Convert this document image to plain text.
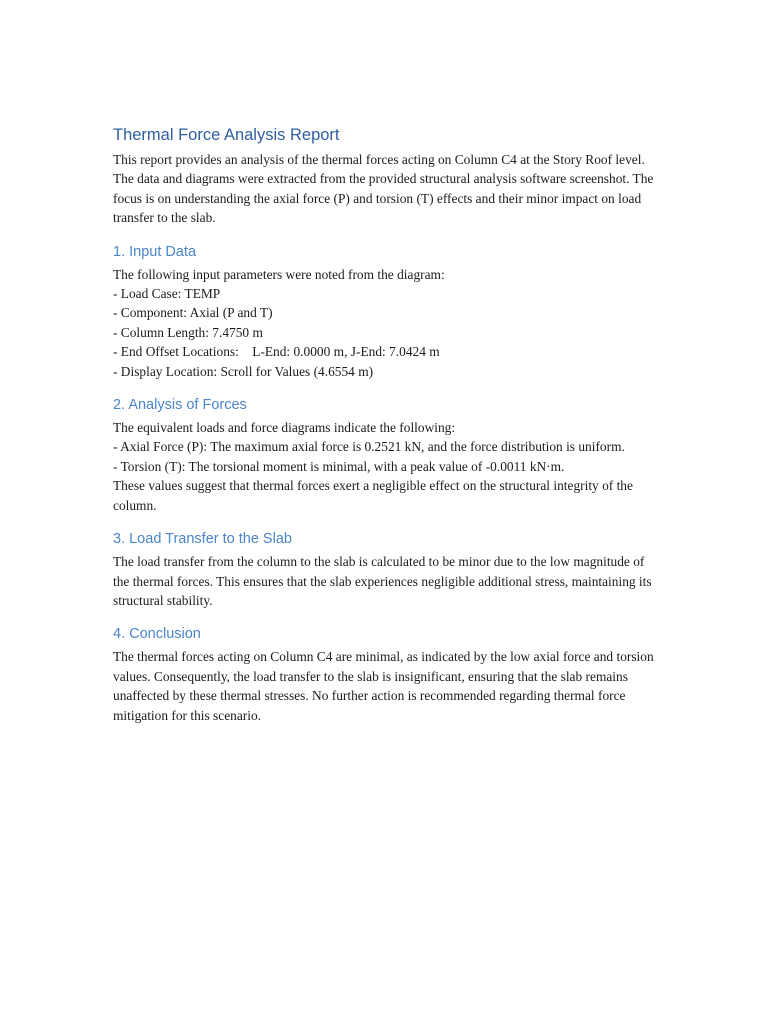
Thermal Force Analysis Report

This report provides an analysis of the thermal forces acting on Column C4 at the Story Roof level. The data and diagrams were extracted from the provided structural analysis software screenshot. The focus is on understanding the axial force (P) and torsion (T) effects and their minor impact on load transfer to the slab.

1. Input Data

The following input parameters were noted from the diagram:
- Load Case: TEMP
- Component: Axial (P and T)
- Column Length: 7.4750 m
- End Offset Locations:    L-End: 0.0000 m, J-End: 7.0424 m
- Display Location: Scroll for Values (4.6554 m)

2. Analysis of Forces

The equivalent loads and force diagrams indicate the following:
- Axial Force (P): The maximum axial force is 0.2521 kN, and the force distribution is uniform.
- Torsion (T): The torsional moment is minimal, with a peak value of -0.0011 kN·m.
These values suggest that thermal forces exert a negligible effect on the structural integrity of the column.

3. Load Transfer to the Slab

The load transfer from the column to the slab is calculated to be minor due to the low magnitude of the thermal forces. This ensures that the slab experiences negligible additional stress, maintaining its structural stability.

4. Conclusion

The thermal forces acting on Column C4 are minimal, as indicated by the low axial force and torsion values. Consequently, the load transfer to the slab is insignificant, ensuring that the slab remains unaffected by these thermal stresses. No further action is recommended regarding thermal force mitigation for this scenario.
